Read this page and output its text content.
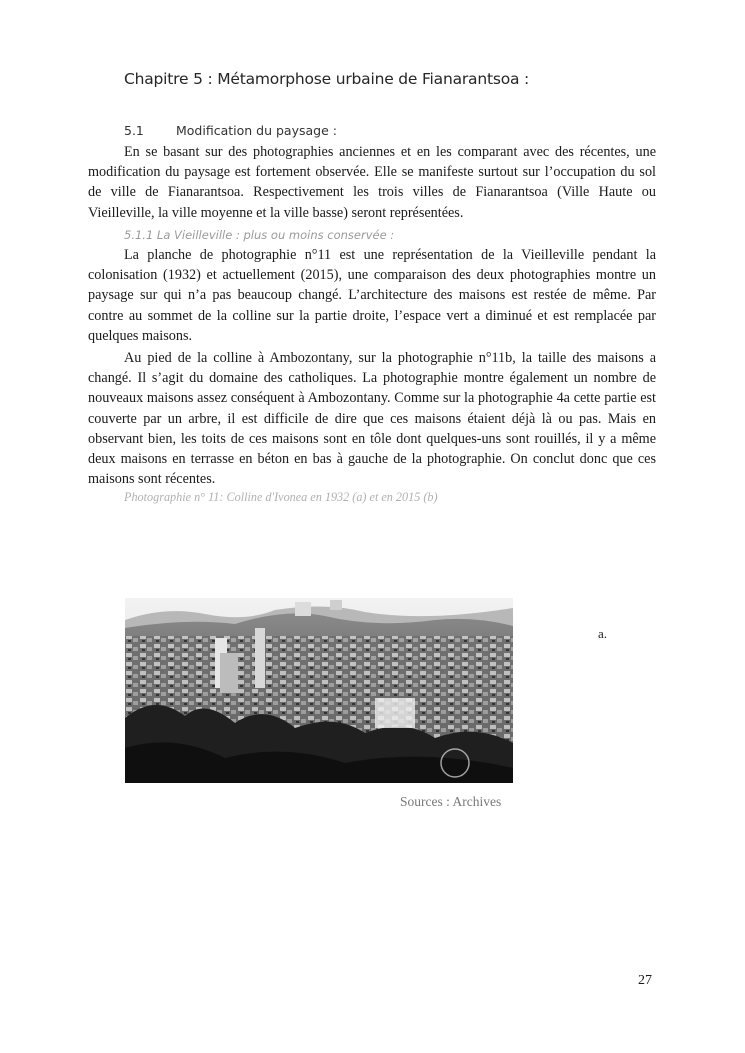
Chapitre 5 : Métamorphose urbaine de Fianarantsoa :
5.1	Modification du paysage :

En se basant sur des photographies anciennes et en les comparant avec des récentes, une modification du paysage est fortement observée. Elle se manifeste surtout sur l’occupation du sol de ville de Fianarantsoa. Respectivement les trois villes de Fianarantsoa (Ville Haute ou Vieilleville, la ville moyenne et la ville basse) seront représentées.

5.1.1 La Vieilleville : plus ou moins conservée :

La planche de photographie n°11 est une représentation de la Vieilleville pendant la colonisation (1932) et actuellement (2015), une comparaison des deux photographies montre un paysage sur qui n’a pas beaucoup changé. L’architecture des maisons est restée de même. Par contre au sommet de la colline sur la partie droite, l’espace vert a diminué et est remplacée par quelques maisons.

Au pied de la colline à Ambozontany, sur la photographie n°11b, la taille des maisons a changé. Il s’agit du domaine des catholiques. La photographie montre également un nombre de nouveaux maisons assez conséquent à Ambozontany. Comme sur la photographie 4a cette partie est couverte par un arbre, il est difficile de dire que ces maisons étaient déjà là ou pas. Mais en observant bien, les toits de ces maisons sont en tôle dont quelques-uns sont rouillés, il y a même deux maisons en terrasse en béton en bas à gauche de la photographie. On conclut donc que ces maisons sont récentes.

Photographie n° 11: Colline d'Ivonea en 1932 (a) et en 2015 (b)
a.
Sources : Archives
27
